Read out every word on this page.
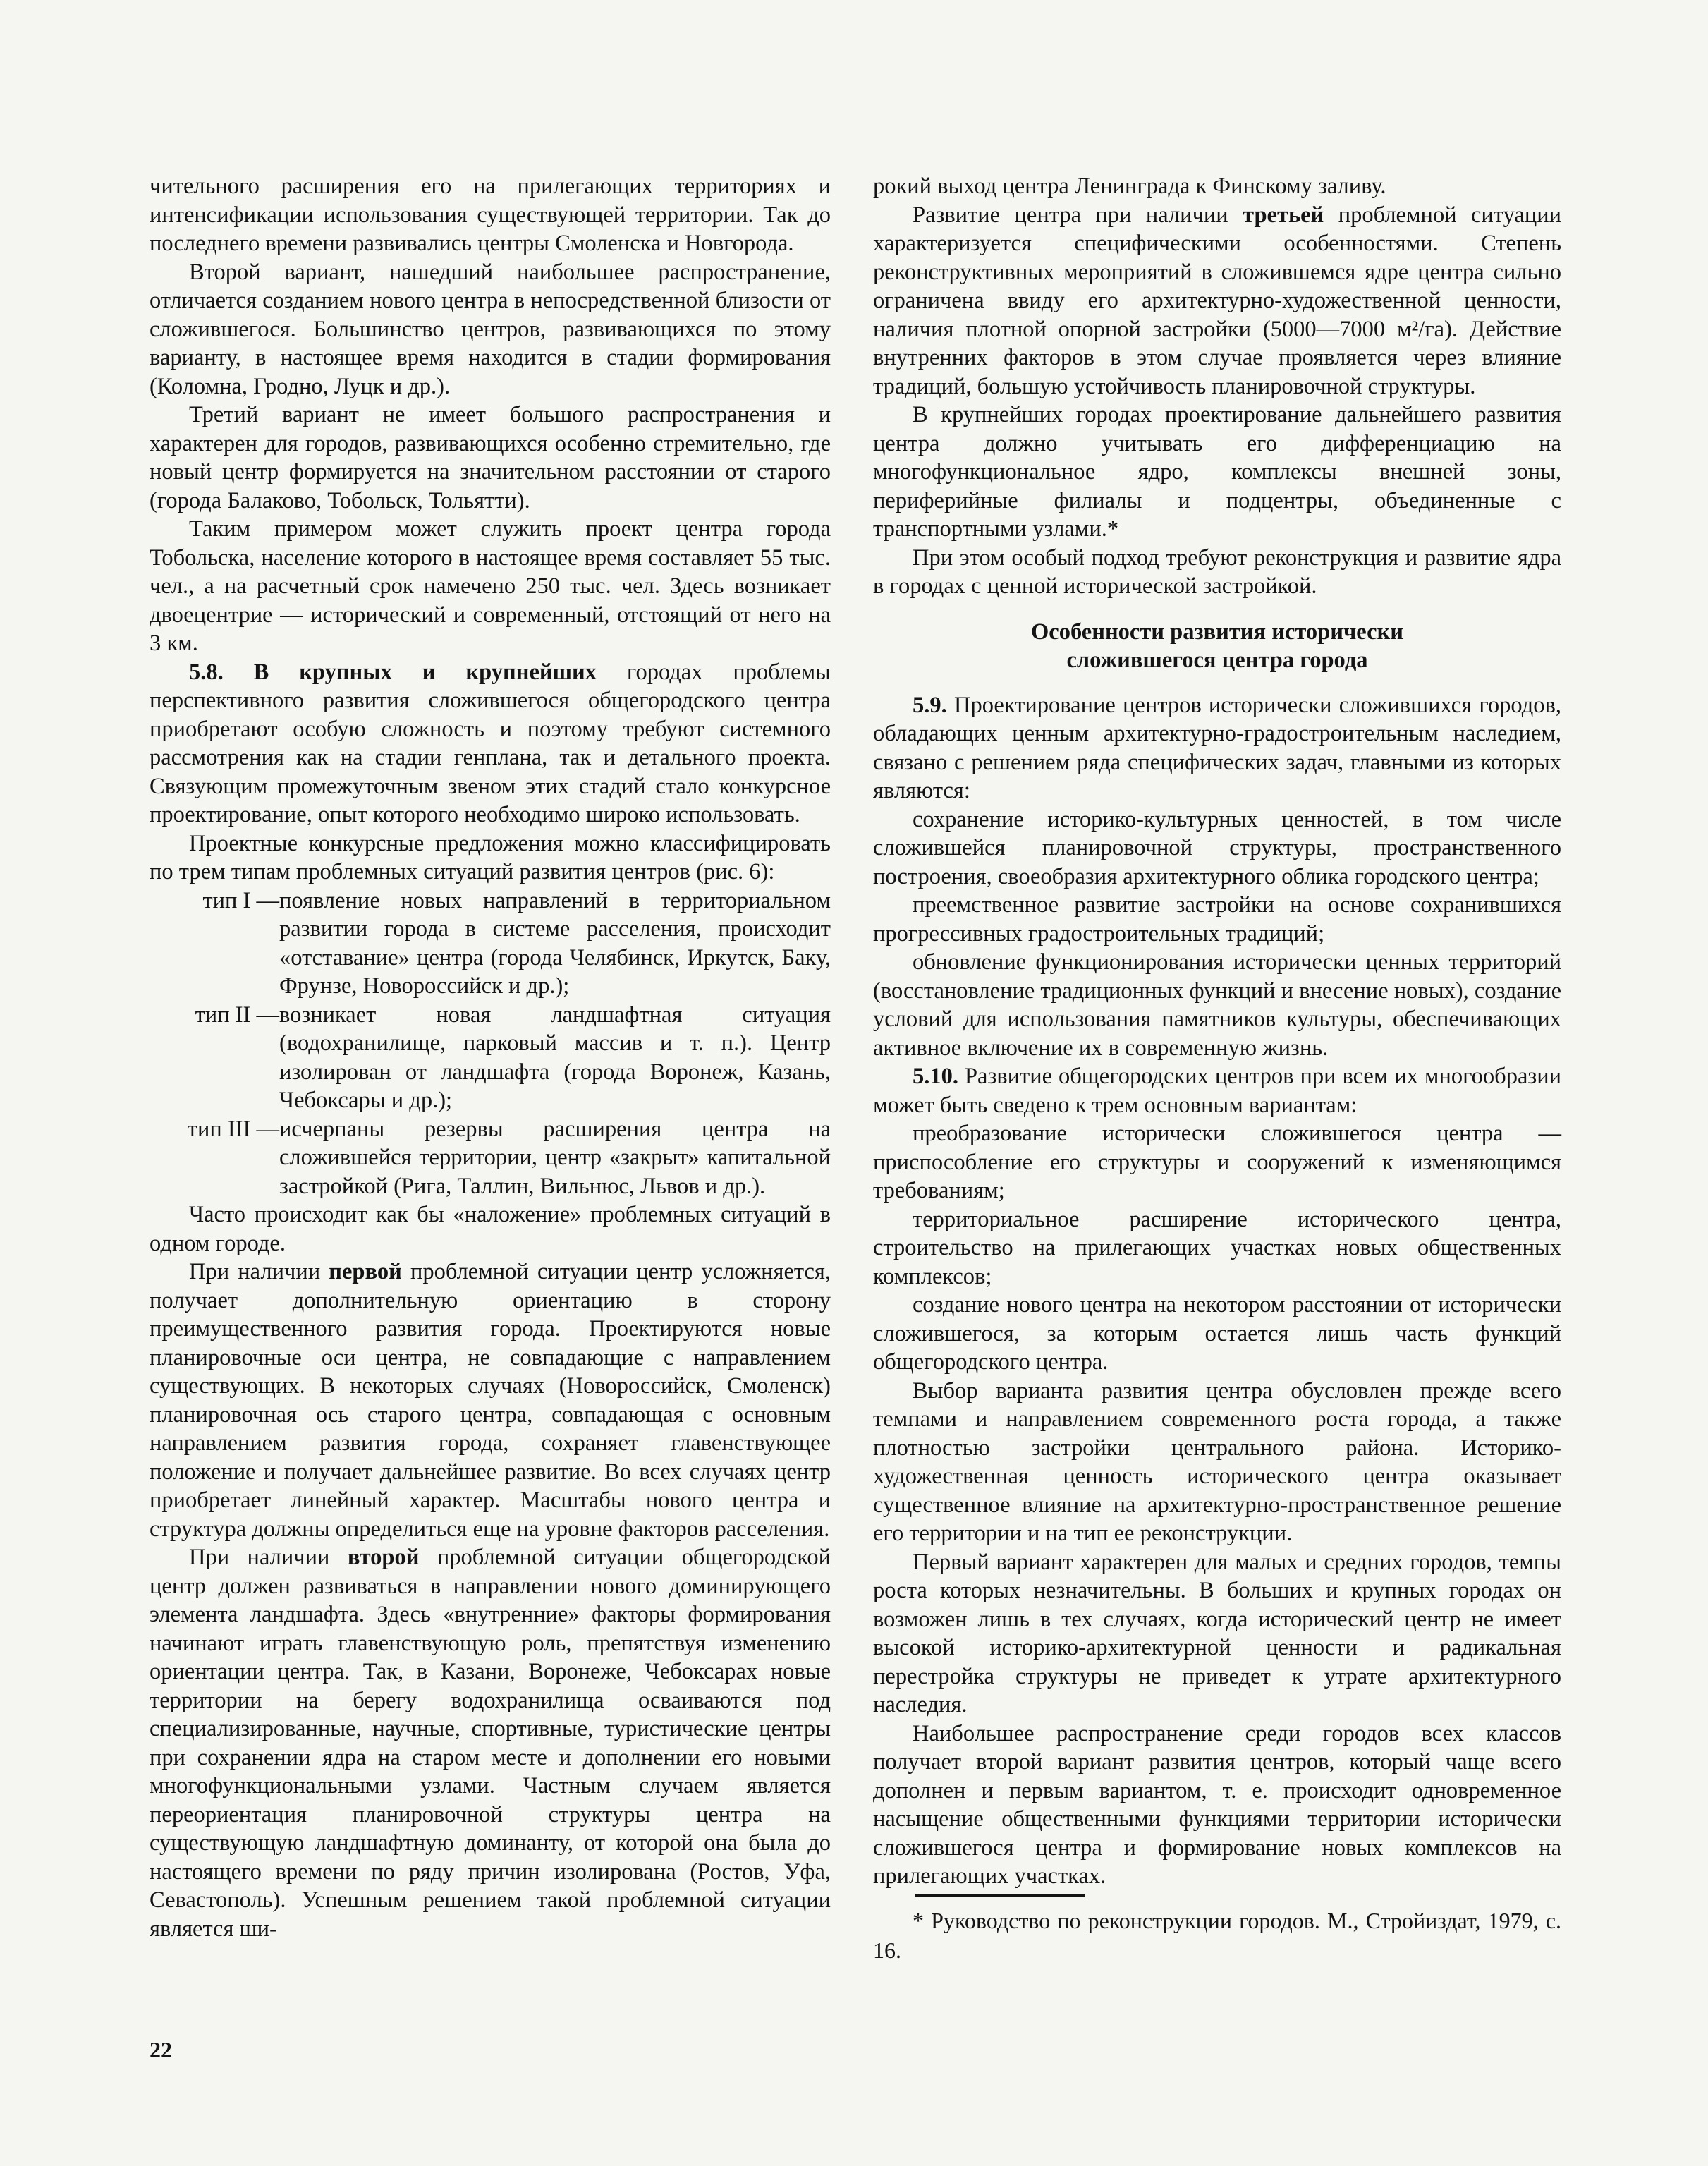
чительного расширения его на прилегающих территориях и интенсификации использования существующей территории. Так до последнего времени развивались центры Смоленска и Новгорода.

Второй вариант, нашедший наибольшее распространение, отличается созданием нового центра в непосредственной близости от сложившегося. Большинство центров, развивающихся по этому варианту, в настоящее время находится в стадии формирования (Коломна, Гродно, Луцк и др.).

Третий вариант не имеет большого распространения и характерен для городов, развивающихся особенно стремительно, где новый центр формируется на значительном расстоянии от старого (города Балаково, Тобольск, Тольятти).

Таким примером может служить проект центра города Тобольска, население которого в настоящее время составляет 55 тыс. чел., а на расчетный срок намечено 250 тыс. чел. Здесь возникает двоецентрие — исторический и современный, отстоящий от него на 3 км.

5.8. В крупных и крупнейших городах проблемы перспективного развития сложившегося общегородского центра приобретают особую сложность и поэтому требуют системного рассмотрения как на стадии генплана, так и детального проекта. Связующим промежуточным звеном этих стадий стало конкурсное проектирование, опыт которого необходимо широко использовать.

Проектные конкурсные предложения можно классифицировать по трем типам проблемных ситуаций развития центров (рис. 6):

тип I — появление новых направлений в территориальном развитии города в системе расселения, происходит «отставание» центра (города Челябинск, Иркутск, Баку, Фрунзе, Новороссийск и др.);
тип II — возникает новая ландшафтная ситуация (водохранилище, парковый массив и т. п.). Центр изолирован от ландшафта (города Воронеж, Казань, Чебоксары и др.);
тип III — исчерпаны резервы расширения центра на сложившейся территории, центр «закрыт» капитальной застройкой (Рига, Таллин, Вильнюс, Львов и др.).

Часто происходит как бы «наложение» проблемных ситуаций в одном городе.

При наличии первой проблемной ситуации центр усложняется, получает дополнительную ориентацию в сторону преимущественного развития города. Проектируются новые планировочные оси центра, не совпадающие с направлением существующих. В некоторых случаях (Новороссийск, Смоленск) планировочная ось старого центра, совпадающая с основным направлением развития города, сохраняет главенствующее положение и получает дальнейшее развитие. Во всех случаях центр приобретает линейный характер. Масштабы нового центра и структура должны определиться еще на уровне факторов расселения.

При наличии второй проблемной ситуации общегородской центр должен развиваться в направлении нового доминирующего элемента ландшафта. Здесь «внутренние» факторы формирования начинают играть главенствующую роль, препятствуя изменению ориентации центра. Так, в Казани, Воронеже, Чебоксарах новые территории на берегу водохранилища осваиваются под специализированные, научные, спортивные, туристические центры при сохранении ядра на старом месте и дополнении его новыми многофункциональными узлами. Частным случаем является переориентация планировочной структуры центра на существующую ландшафтную доминанту, от которой она была до настоящего времени по ряду причин изолирована (Ростов, Уфа, Севастополь). Успешным решением такой проблемной ситуации является ши-

рокий выход центра Ленинграда к Финскому заливу.

Развитие центра при наличии третьей проблемной ситуации характеризуется специфическими особенностями. Степень реконструктивных мероприятий в сложившемся ядре центра сильно ограничена ввиду его архитектурно-художественной ценности, наличия плотной опорной застройки (5000—7000 м²/га). Действие внутренних факторов в этом случае проявляется через влияние традиций, большую устойчивость планировочной структуры.

В крупнейших городах проектирование дальнейшего развития центра должно учитывать его дифференциацию на многофункциональное ядро, комплексы внешней зоны, периферийные филиалы и подцентры, объединенные с транспортными узлами.*

При этом особый подход требуют реконструкция и развитие ядра в городах с ценной исторической застройкой.

Особенности развития исторически
сложившегося центра города

5.9. Проектирование центров исторически сложившихся городов, обладающих ценным архитектурно-градостроительным наследием, связано с решением ряда специфических задач, главными из которых являются:

сохранение историко-культурных ценностей, в том числе сложившейся планировочной структуры, пространственного построения, своеобразия архитектурного облика городского центра;

преемственное развитие застройки на основе сохранившихся прогрессивных градостроительных традиций;

обновление функционирования исторически ценных территорий (восстановление традиционных функций и внесение новых), создание условий для использования памятников культуры, обеспечивающих активное включение их в современную жизнь.

5.10. Развитие общегородских центров при всем их многообразии может быть сведено к трем основным вариантам:

преобразование исторически сложившегося центра — приспособление его структуры и сооружений к изменяющимся требованиям;

территориальное расширение исторического центра, строительство на прилегающих участках новых общественных комплексов;

создание нового центра на некотором расстоянии от исторически сложившегося, за которым остается лишь часть функций общегородского центра.

Выбор варианта развития центра обусловлен прежде всего темпами и направлением современного роста города, а также плотностью застройки центрального района. Историко-художественная ценность исторического центра оказывает существенное влияние на архитектурно-пространственное решение его территории и на тип ее реконструкции.

Первый вариант характерен для малых и средних городов, темпы роста которых незначительны. В больших и крупных городах он возможен лишь в тех случаях, когда исторический центр не имеет высокой историко-архитектурной ценности и радикальная перестройка структуры не приведет к утрате архитектурного наследия.

Наибольшее распространение среди городов всех классов получает второй вариант развития центров, который чаще всего дополнен и первым вариантом, т. е. происходит одновременное насыщение общественными функциями территории исторически сложившегося центра и формирование новых комплексов на прилегающих участках.

* Руководство по реконструкции городов. М., Стройиздат, 1979, с. 16.
22
